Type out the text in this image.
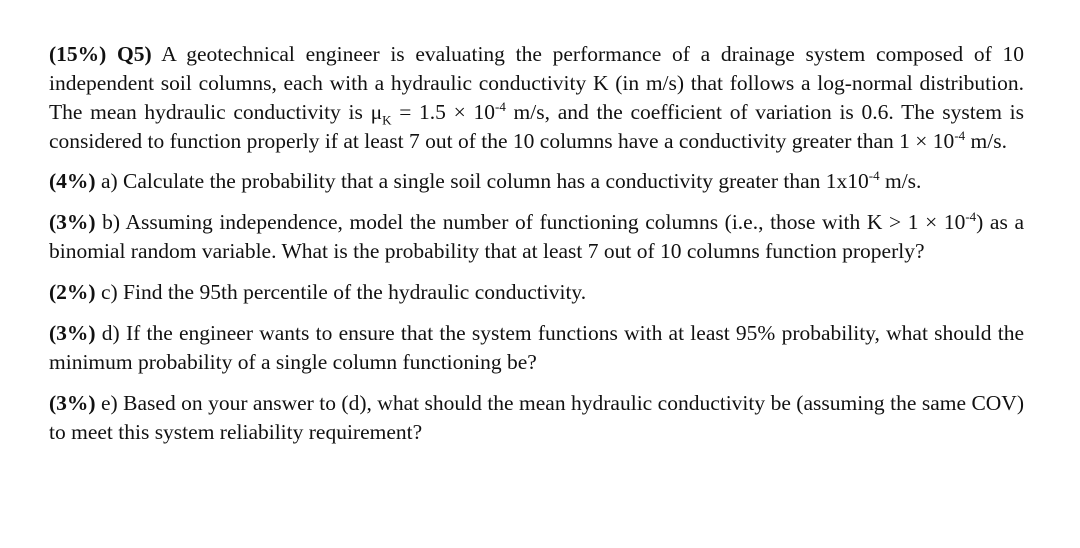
(15%) Q5) A geotechnical engineer is evaluating the performance of a drainage system composed of 10 independent soil columns, each with a hydraulic conductivity K (in m/s) that follows a log-normal distribution. The mean hydraulic conductivity is $\mu_K = 1.5 \times 10^{-4}$ m/s, and the coefficient of variation is 0.6. The system is considered to function properly if at least 7 out of the 10 columns have a conductivity greater than $1 \times 10^{-4}$ m/s.

(4%) a) Calculate the probability that a single soil column has a conductivity greater than $1x10^{-4}$ m/s.

(3%) b) Assuming independence, model the number of functioning columns (i.e., those with $K > 1 \times 10^{-4}$) as a binomial random variable. What is the probability that at least 7 out of 10 columns function properly?

(2%) c) Find the 95th percentile of the hydraulic conductivity.

(3%) d) If the engineer wants to ensure that the system functions with at least 95% probability, what should the minimum probability of a single column functioning be?

(3%) e) Based on your answer to (d), what should the mean hydraulic conductivity be (assuming the same COV) to meet this system reliability requirement?
